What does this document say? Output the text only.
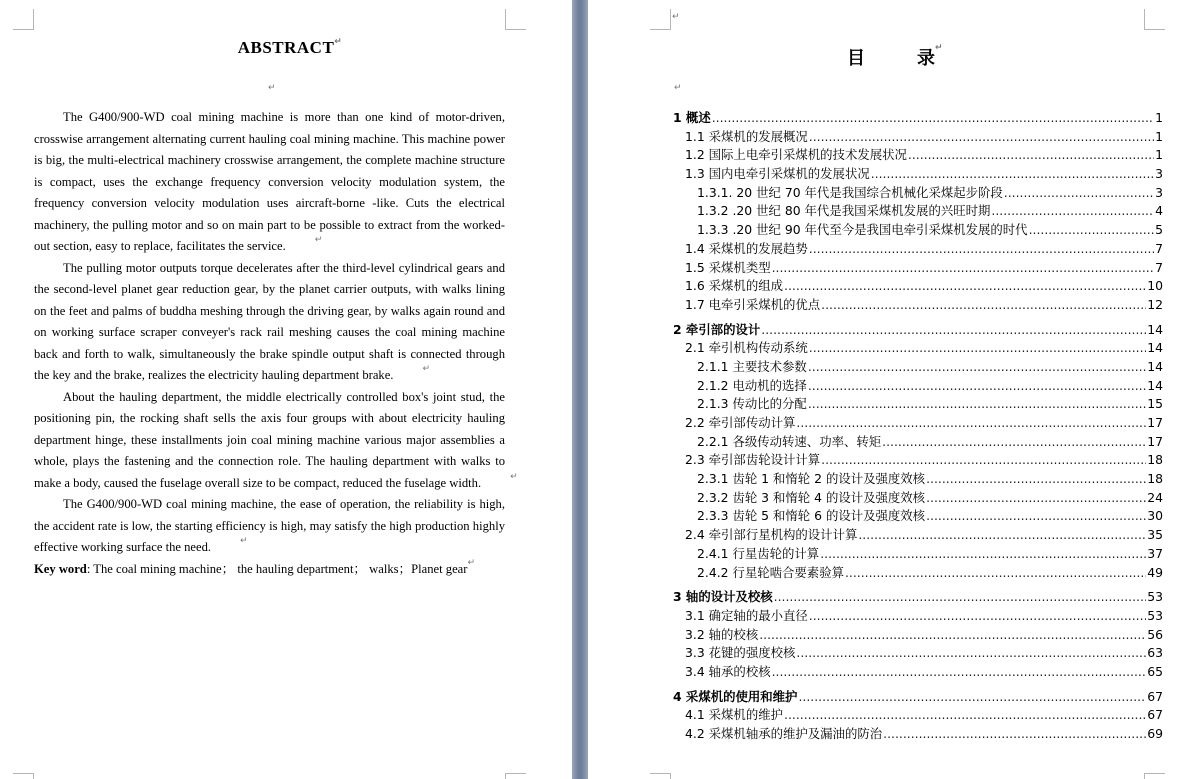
ABSTRACT ↵
↵

The G400/900-WD coal mining machine is more than one kind of motor-driven, crosswise arrangement alternating current hauling coal mining machine. This machine power is big, the multi-electrical machinery crosswise arrangement, the complete machine structure is compact, uses the exchange frequency conversion velocity modulation system, the frequency conversion velocity modulation uses aircraft-borne -like. Cuts the electrical machinery, the pulling motor and so on main part to be possible to extract from the worked-out section, easy to replace, facilitates the service.	↵

The pulling motor outputs torque decelerates after the third-level cylindrical gears and the second-level planet gear reduction gear, by the planet carrier outputs, with walks lining on the feet and palms of buddha meshing through the driving gear, by walks again round and on working surface scraper conveyer's rack rail meshing causes the coal mining machine back and forth to walk, simultaneously the brake spindle output shaft is connected through the key and the brake, realizes the electricity hauling department brake.	↵

About the hauling department, the middle electrically controlled box's joint stud, the positioning pin, the rocking shaft sells the axis four groups with about electricity hauling department hinge, these installments join coal mining machine various major assemblies a whole, plays the fastening and the connection role. The hauling department with walks to make a body, caused the fuselage overall size to be compact, reduced the fuselage width.	↵

The G400/900-WD coal mining machine, the ease of operation, the reliability is high, the accident rate is low, the starting efficiency is high, may satisfy the high production highly effective working surface the need.	↵

Key word: The coal mining machine； the hauling department； walks；Planet gear ↵

↵
目	录 ↵
↵
1 概述 .....	1
1.1 采煤机的发展概况 .....	1
1.2 国际上电牵引采煤机的技术发展状况 .....	1
1.3 国内电牵引采煤机的发展状况 .....	3
1.3.1. 20 世纪 70 年代是我国综合机械化采煤起步阶段 .....	3
1.3.2 .20 世纪 80 年代是我国采煤机发展的兴旺时期 .....	4
1.3.3 .20 世纪 90 年代至今是我国电牵引采煤机发展的时代 .....	5
1.4 采煤机的发展趋势 .....	7
1.5 采煤机类型 .....	7
1.6 采煤机的组成 .....	10
1.7 电牵引采煤机的优点 .....	12
2 牵引部的设计 .....	14
2.1 牵引机构传动系统 .....	14
2.1.1 主要技术参数 .....	14
2.1.2 电动机的选择 .....	14
2.1.3 传动比的分配 .....	15
2.2 牵引部传动计算 .....	17
2.2.1 各级传动转速、功率、转矩 .....	17
2.3 牵引部齿轮设计计算 .....	18
2.3.1 齿轮 1 和惰轮 2 的设计及强度效核 .....	18
2.3.2 齿轮 3 和惰轮 4 的设计及强度效核 .....	24
2.3.3 齿轮 5 和惰轮 6 的设计及强度效核 .....	30
2.4 牵引部行星机构的设计计算 .....	35
2.4.1 行星齿轮的计算 .....	37
2.4.2 行星轮啮合要素验算 .....	49
3 轴的设计及校核 .....	53
3.1 确定轴的最小直径 .....	53
3.2 轴的校核 .....	56
3.3 花键的强度校核 .....	63
3.4 轴承的校核 .....	65
4 采煤机的使用和维护 .....	67
4.1 采煤机的维护 .....	67
4.2 采煤机轴承的维护及漏油的防治 .....	69
